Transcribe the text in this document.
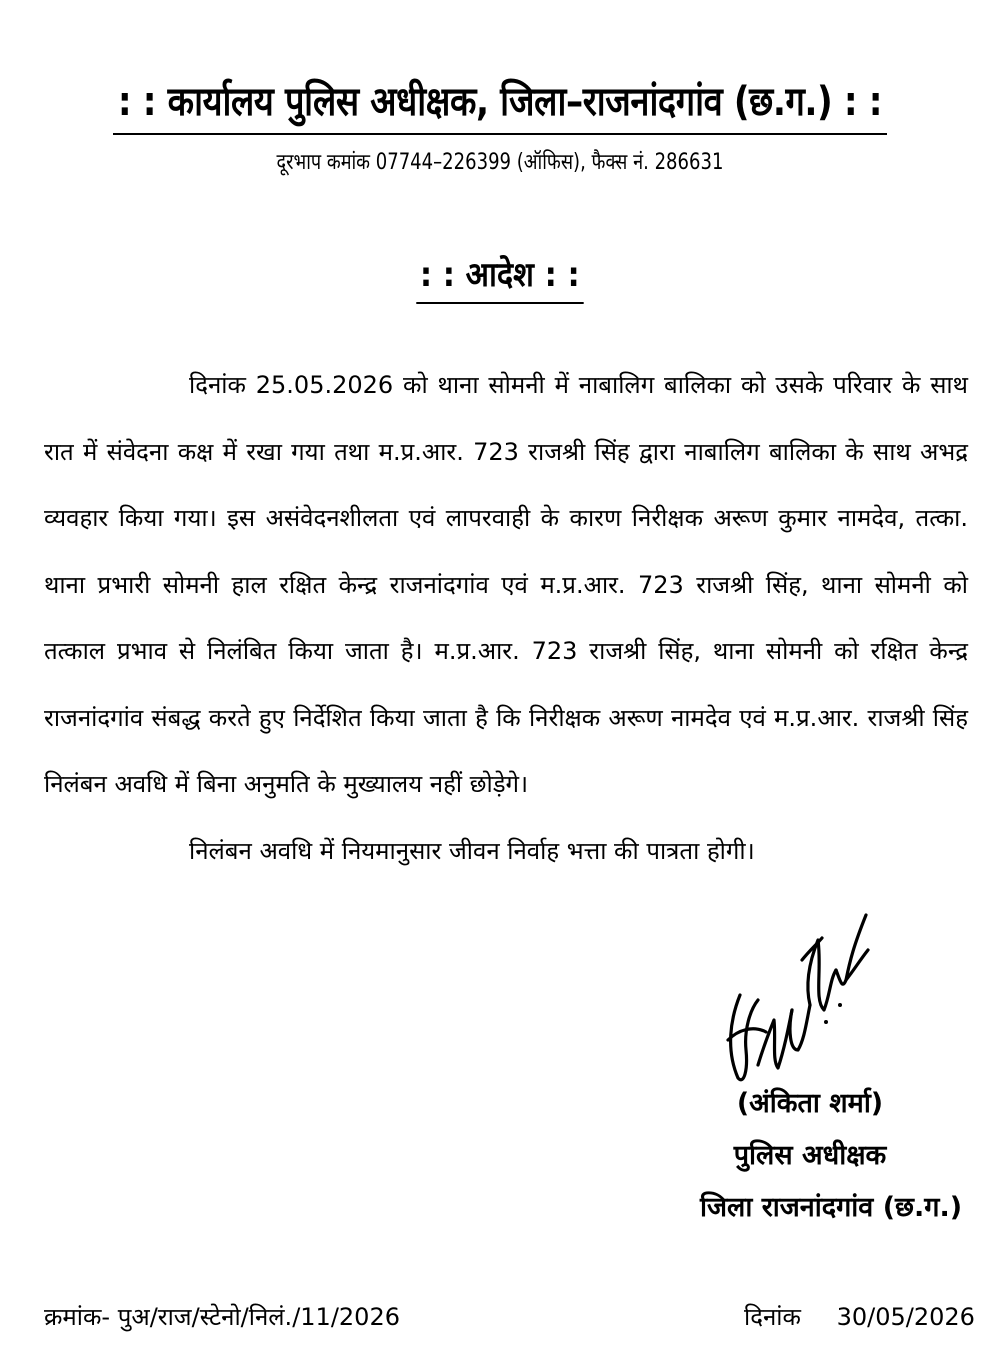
: : कार्यालय पुलिस अधीक्षक, जिला–राजनांदगांव (छ.ग.) : :
दूरभाप कमांक 07744–226399 (ऑफिस), फैक्स नं. 286631
: : आदेश : :

दिनांक 25.05.2026 को थाना सोमनी में नाबालिग बालिका को उसके परिवार के साथ रात में संवेदना कक्ष में रखा गया तथा म.प्र.आर. 723 राजश्री सिंह द्वारा नाबालिग बालिका के साथ अभद्र व्यवहार किया गया। इस असंवेदनशीलता एवं लापरवाही के कारण निरीक्षक अरूण कुमार नामदेव, तत्का. थाना प्रभारी सोमनी हाल रक्षित केन्द्र राजनांदगांव एवं म.प्र.आर. 723 राजश्री सिंह, थाना सोमनी को तत्काल प्रभाव से निलंबित किया जाता है। म.प्र.आर. 723 राजश्री सिंह, थाना सोमनी को रक्षित केन्द्र राजनांदगांव संबद्ध करते हुए निर्देशित किया जाता है कि निरीक्षक अरूण नामदेव एवं म.प्र.आर. राजश्री सिंह निलंबन अवधि में बिना अनुमति के मुख्यालय नहीं छोड़ेगे।

निलंबन अवधि में नियमानुसार जीवन निर्वाह भत्ता की पात्रता होगी।

(अंकिता शर्मा)
पुलिस अधीक्षक
जिला राजनांदगांव (छ.ग.)
क्रमांक- पुअ/राज/स्टेनो/निलं./11/2026	दिनांक 30/05/2026
